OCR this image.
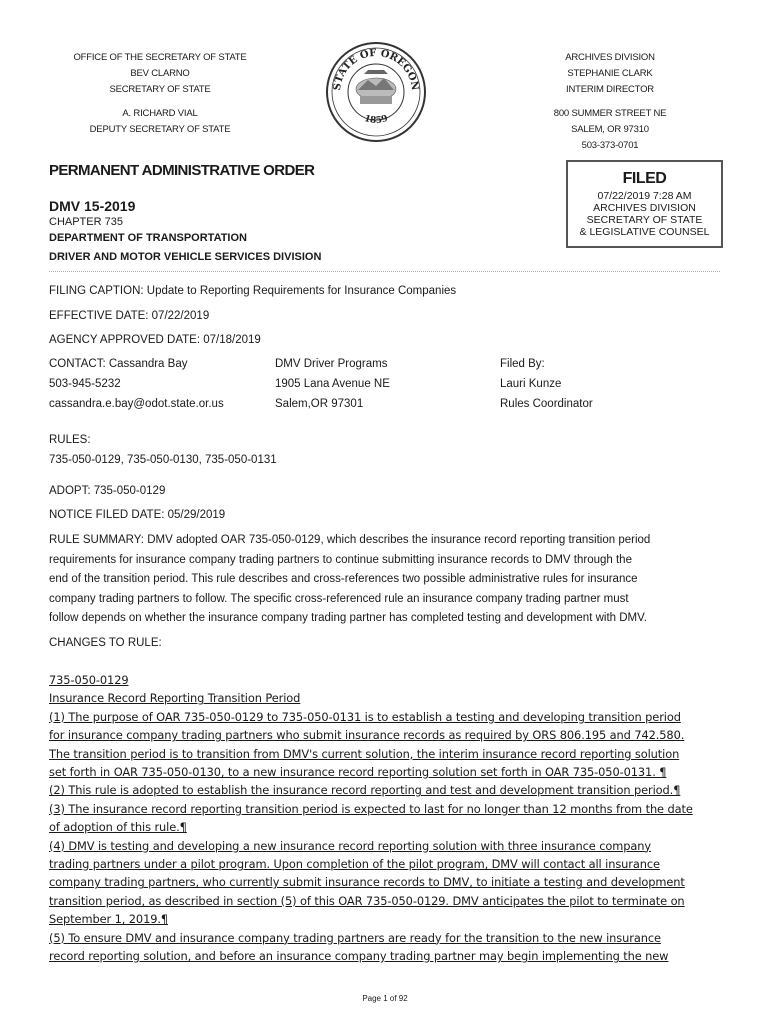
OFFICE OF THE SECRETARY OF STATE
BEV CLARNO
SECRETARY OF STATE
A. RICHARD VIAL
DEPUTY SECRETARY OF STATE
STATE OF OREGON
1859
ARCHIVES DIVISION
STEPHANIE CLARK
INTERIM DIRECTOR
800 SUMMER STREET NE
SALEM, OR 97310
503-373-0701
PERMANENT ADMINISTRATIVE ORDER
DMV 15-2019
CHAPTER 735
DEPARTMENT OF TRANSPORTATION
DRIVER AND MOTOR VEHICLE SERVICES DIVISION
FILED
07/22/2019 7:28 AM
ARCHIVES DIVISION
SECRETARY OF STATE
& LEGISLATIVE COUNSEL
FILING CAPTION: Update to Reporting Requirements for Insurance Companies
EFFECTIVE DATE: 07/22/2019
AGENCY APPROVED DATE: 07/18/2019
CONTACT: Cassandra Bay
503-945-5232
cassandra.e.bay@odot.state.or.us
DMV Driver Programs
1905 Lana Avenue NE
Salem,OR 97301
Filed By:
Lauri Kunze
Rules Coordinator
RULES:
735-050-0129, 735-050-0130, 735-050-0131
ADOPT: 735-050-0129
NOTICE FILED DATE: 05/29/2019
RULE SUMMARY: DMV adopted OAR 735-050-0129, which describes the insurance record reporting transition period
requirements for insurance company trading partners to continue submitting insurance records to DMV through the
end of the transition period. This rule describes and cross-references two possible administrative rules for insurance
company trading partners to follow. The specific cross-referenced rule an insurance company trading partner must
follow depends on whether the insurance company trading partner has completed testing and development with DMV.
CHANGES TO RULE:
735-050-0129
Insurance Record Reporting Transition Period
(1) The purpose of OAR 735-050-0129 to 735-050-0131 is to establish a testing and developing transition period
for insurance company trading partners who submit insurance records as required by ORS 806.195 and 742.580.
The transition period is to transition from DMV's current solution, the interim insurance record reporting solution
set forth in OAR 735-050-0130, to a new insurance record reporting solution set forth in OAR 735-050-0131. ¶
(2) This rule is adopted to establish the insurance record reporting and test and development transition period.¶
(3) The insurance record reporting transition period is expected to last for no longer than 12 months from the date
of adoption of this rule.¶
(4) DMV is testing and developing a new insurance record reporting solution with three insurance company
trading partners under a pilot program. Upon completion of the pilot program, DMV will contact all insurance
company trading partners, who currently submit insurance records to DMV, to initiate a testing and development
transition period, as described in section (5) of this OAR 735-050-0129. DMV anticipates the pilot to terminate on
September 1, 2019.¶
(5) To ensure DMV and insurance company trading partners are ready for the transition to the new insurance
record reporting solution, and before an insurance company trading partner may begin implementing the new
Page 1 of 92
